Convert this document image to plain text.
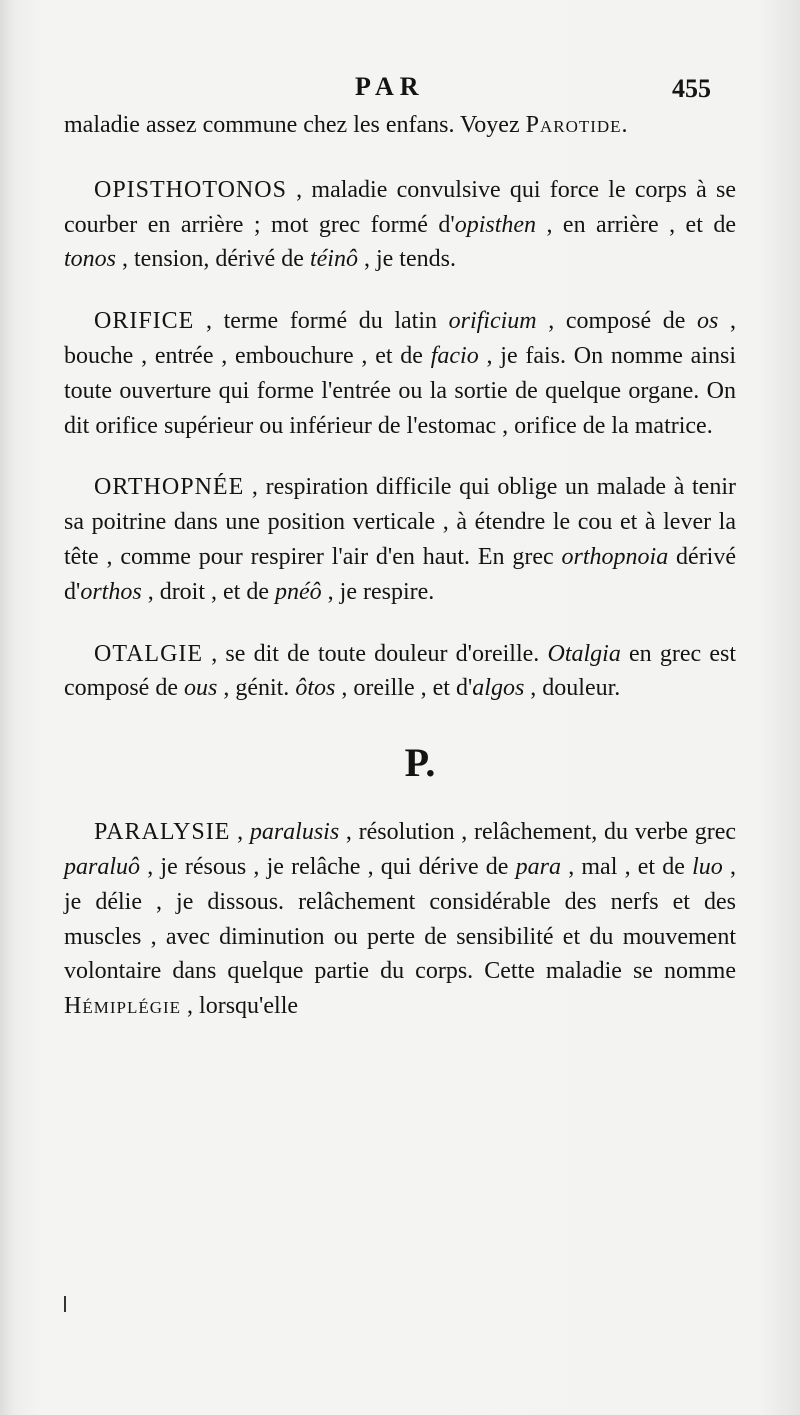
PAR	455

maladie assez commune chez les enfans. Voyez Parotide.

OPISTHOTONOS , maladie convulsive qui force le corps à se courber en arrière ; mot grec formé d'opisthen , en arrière , et de tonos , tension, dérivé de téinô , je tends.

ORIFICE , terme formé du latin orificium , composé de os , bouche , entrée , embouchure , et de facio , je fais. On nomme ainsi toute ouverture qui forme l'entrée ou la sortie de quelque organe. On dit orifice supérieur ou inférieur de l'estomac , orifice de la matrice.

ORTHOPNÉE , respiration difficile qui oblige un malade à tenir sa poitrine dans une position verticale , à étendre le cou et à lever la tête , comme pour respirer l'air d'en haut. En grec orthopnoia dérivé d'orthos , droit , et de pnéô , je respire.

OTALGIE , se dit de toute douleur d'oreille. Otalgia en grec est composé de ous , génit. ôtos , oreille , et d'algos , douleur.

P.

PARALYSIE , paralusis , résolution , relâchement, du verbe grec paraluô , je résous , je relâche , qui dérive de para , mal , et de luo , je délie , je dissous. relâchement considérable des nerfs et des muscles , avec diminution ou perte de sensibilité et du mouvement volontaire dans quelque partie du corps. Cette maladie se nomme Hémiplégie , lorsqu'elle
